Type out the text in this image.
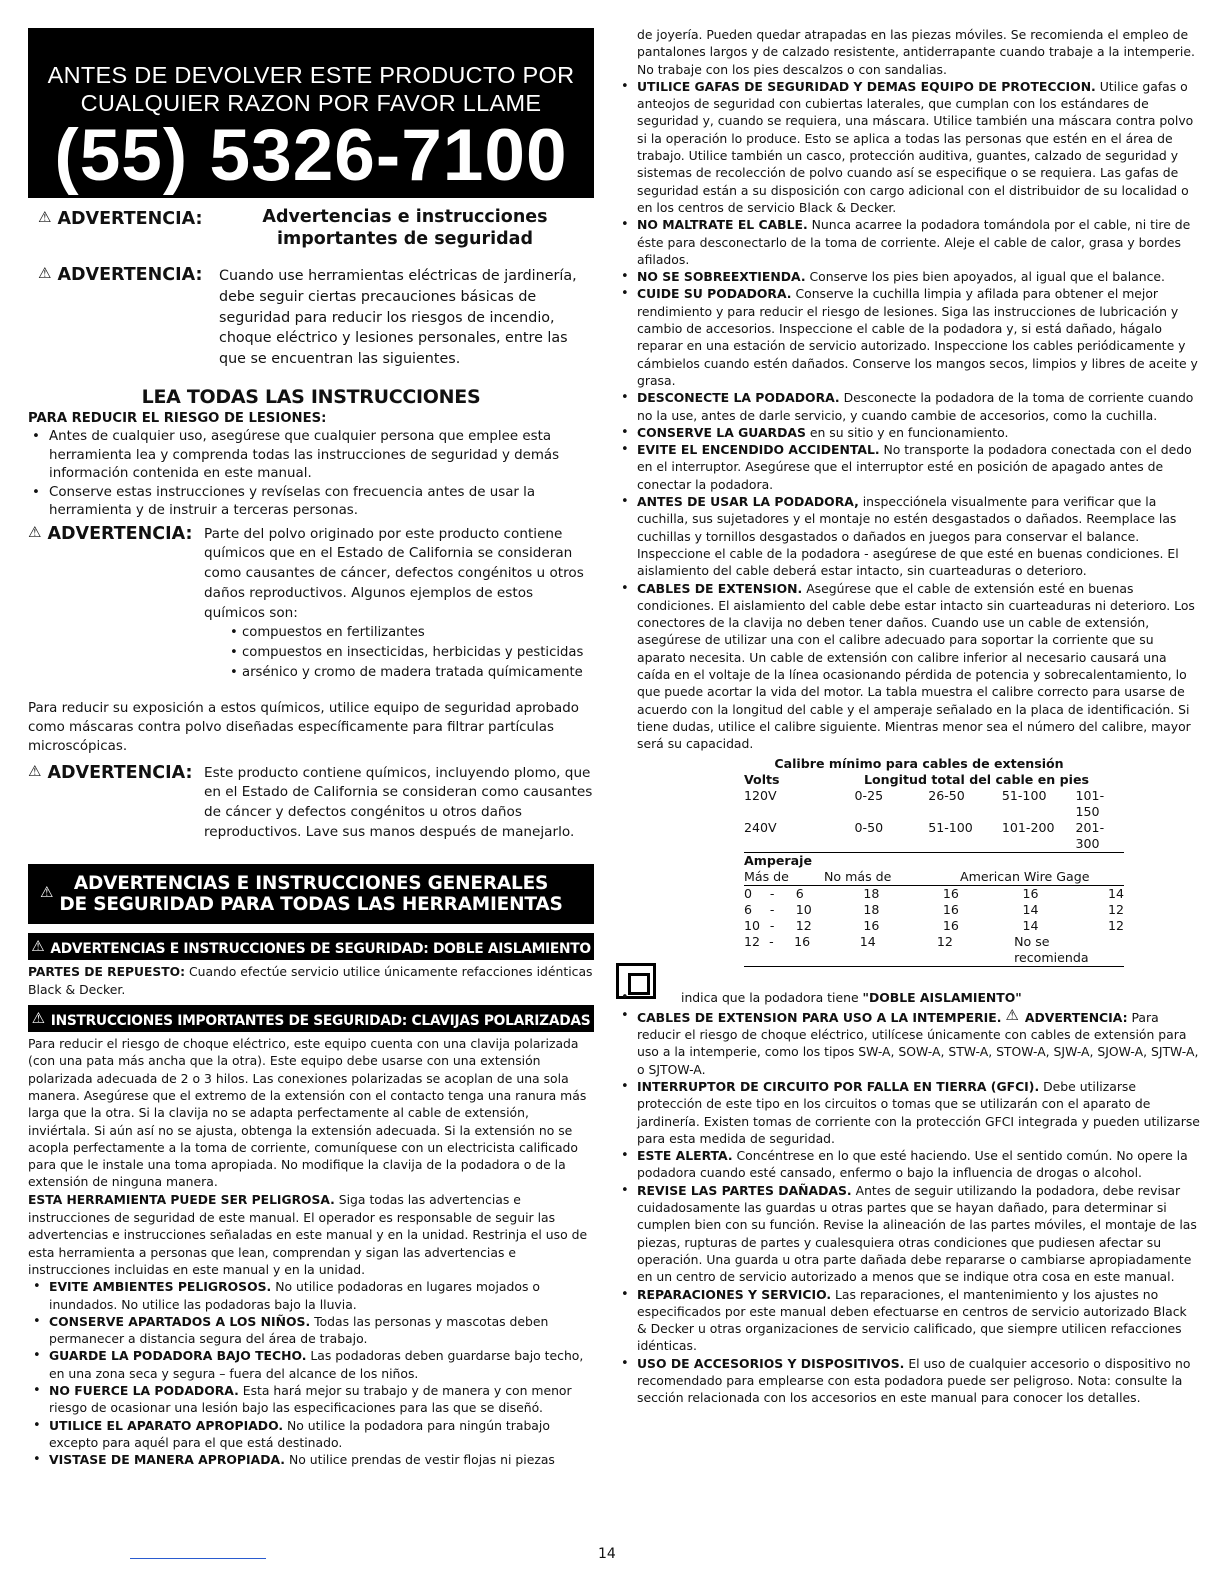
ANTES DE DEVOLVER ESTE PRODUCTO POR
CUALQUIER RAZON POR FAVOR LLAME
(55) 5326-7100
⚠ ADVERTENCIA:	Advertencias e instrucciones
importantes de seguridad
⚠ ADVERTENCIA: Cuando use herramientas eléctricas de jardinería, debe seguir ciertas precauciones básicas de seguridad para reducir los riesgos de incendio, choque eléctrico y lesiones personales, entre las que se encuentran las siguientes.
LEA TODAS LAS INSTRUCCIONES
PARA REDUCIR EL RIESGO DE LESIONES:
• Antes de cualquier uso, asegúrese que cualquier persona que emplee esta herramienta lea y comprenda todas las instrucciones de seguridad y demás información contenida en este manual.
• Conserve estas instrucciones y revíselas con frecuencia antes de usar la herramienta y de instruir a terceras personas.
⚠ ADVERTENCIA: Parte del polvo originado por este producto contiene químicos que en el Estado de California se consideran como causantes de cáncer, defectos congénitos u otros daños reproductivos. Algunos ejemplos de estos químicos son:
• compuestos en fertilizantes
• compuestos en insecticidas, herbicidas y pesticidas
• arsénico y cromo de madera tratada químicamente
Para reducir su exposición a estos químicos, utilice equipo de seguridad aprobado como máscaras contra polvo diseñadas específicamente para filtrar partículas microscópicas.
⚠ ADVERTENCIA: Este producto contiene químicos, incluyendo plomo, que en el Estado de California se consideran como causantes de cáncer y defectos congénitos u otros daños reproductivos. Lave sus manos después de manejarlo.
⚠	ADVERTENCIAS E INSTRUCCIONES GENERALES
DE SEGURIDAD PARA TODAS LAS HERRAMIENTAS
⚠ ADVERTENCIAS E INSTRUCCIONES DE SEGURIDAD: DOBLE AISLAMIENTO
PARTES DE REPUESTO: Cuando efectúe servicio utilice únicamente refacciones idénticas Black & Decker.
⚠ INSTRUCCIONES IMPORTANTES DE SEGURIDAD: CLAVIJAS POLARIZADAS
Para reducir el riesgo de choque eléctrico, este equipo cuenta con una clavija polarizada (con una pata más ancha que la otra). Este equipo debe usarse con una extensión polarizada adecuada de 2 o 3 hilos. Las conexiones polarizadas se acoplan de una sola manera. Asegúrese que el extremo de la extensión con el contacto tenga una ranura más larga que la otra. Si la clavija no se adapta perfectamente al cable de extensión, inviértala. Si aún así no se ajusta, obtenga la extensión adecuada. Si la extensión no se acopla perfectamente a la toma de corriente, comuníquese con un electricista calificado para que le instale una toma apropiada. No modifique la clavija de la podadora o de la extensión de ninguna manera.
ESTA HERRAMIENTA PUEDE SER PELIGROSA. Siga todas las advertencias e instrucciones de seguridad de este manual. El operador es responsable de seguir las advertencias e instrucciones señaladas en este manual y en la unidad. Restrinja el uso de esta herramienta a personas que lean, comprendan y sigan las advertencias e instrucciones incluidas en este manual y en la unidad.
• EVITE AMBIENTES PELIGROSOS. No utilice podadoras en lugares mojados o inundados. No utilice las podadoras bajo la lluvia.
• CONSERVE APARTADOS A LOS NIÑOS. Todas las personas y mascotas deben permanecer a distancia segura del área de trabajo.
• GUARDE LA PODADORA BAJO TECHO. Las podadoras deben guardarse bajo techo, en una zona seca y segura – fuera del alcance de los niños.
• NO FUERCE LA PODADORA. Esta hará mejor su trabajo y de manera y con menor riesgo de ocasionar una lesión bajo las especificaciones para las que se diseñó.
• UTILICE EL APARATO APROPIADO. No utilice la podadora para ningún trabajo excepto para aquél para el que está destinado.
• VISTASE DE MANERA APROPIADA. No utilice prendas de vestir flojas ni piezas
de joyería. Pueden quedar atrapadas en las piezas móviles. Se recomienda el empleo de pantalones largos y de calzado resistente, antiderrapante cuando trabaje a la intemperie. No trabaje con los pies descalzos o con sandalias.
• UTILICE GAFAS DE SEGURIDAD Y DEMAS EQUIPO DE PROTECCION. Utilice gafas o anteojos de seguridad con cubiertas laterales, que cumplan con los estándares de seguridad y, cuando se requiera, una máscara. Utilice también una máscara contra polvo si la operación lo produce. Esto se aplica a todas las personas que estén en el área de trabajo. Utilice también un casco, protección auditiva, guantes, calzado de seguridad y sistemas de recolección de polvo cuando así se especifique o se requiera. Las gafas de seguridad están a su disposición con cargo adicional con el distribuidor de su localidad o en los centros de servicio Black & Decker.
• NO MALTRATE EL CABLE. Nunca acarree la podadora tomándola por el cable, ni tire de éste para desconectarlo de la toma de corriente. Aleje el cable de calor, grasa y bordes afilados.
• NO SE SOBREEXTIENDA. Conserve los pies bien apoyados, al igual que el balance.
• CUIDE SU PODADORA. Conserve la cuchilla limpia y afilada para obtener el mejor rendimiento y para reducir el riesgo de lesiones. Siga las instrucciones de lubricación y cambio de accesorios. Inspeccione el cable de la podadora y, si está dañado, hágalo reparar en una estación de servicio autorizado. Inspeccione los cables periódicamente y cámbielos cuando estén dañados. Conserve los mangos secos, limpios y libres de aceite y grasa.
• DESCONECTE LA PODADORA. Desconecte la podadora de la toma de corriente cuando no la use, antes de darle servicio, y cuando cambie de accesorios, como la cuchilla.
• CONSERVE LA GUARDAS en su sitio y en funcionamiento.
• EVITE EL ENCENDIDO ACCIDENTAL. No transporte la podadora conectada con el dedo en el interruptor. Asegúrese que el interruptor esté en posición de apagado antes de conectar la podadora.
• ANTES DE USAR LA PODADORA, inspecciónela visualmente para verificar que la cuchilla, sus sujetadores y el montaje no estén desgastados o dañados. Reemplace las cuchillas y tornillos desgastados o dañados en juegos para conservar el balance. Inspeccione el cable de la podadora - asegúrese de que esté en buenas condiciones. El aislamiento del cable deberá estar intacto, sin cuarteaduras o deterioro.
• CABLES DE EXTENSION. Asegúrese que el cable de extensión esté en buenas condiciones. El aislamiento del cable debe estar intacto sin cuarteaduras ni deterioro. Los conectores de la clavija no deben tener daños. Cuando use un cable de extensión, asegúrese de utilizar una con el calibre adecuado para soportar la corriente que su aparato necesita. Un cable de extensión con calibre inferior al necesario causará una caída en el voltaje de la línea ocasionando pérdida de potencia y sobrecalentamiento, lo que puede acortar la vida del motor. La tabla muestra el calibre correcto para usarse de acuerdo con la longitud del cable y el amperaje señalado en la placa de identificación. Si tiene dudas, utilice el calibre siguiente. Mientras menor sea el número del calibre, mayor será su capacidad.
Calibre mínimo para cables de extensión
Volts	Longitud total del cable en pies
120V	0-25	26-50	51-100	101-150
240V	0-50	51-100	101-200	201-300
Amperaje
Más de	No más de	American Wire Gage
0	-	6	18	16	16	14
6	-	10	18	16	14	12
10 -	12	16	16	14	12
12 -	16	14	12	No se recomienda
• indica que la podadora tiene "DOBLE AISLAMIENTO"
• CABLES DE EXTENSION PARA USO A LA INTEMPERIE. ⚠ ADVERTENCIA: Para reducir el riesgo de choque eléctrico, utilícese únicamente con cables de extensión para uso a la intemperie, como los tipos SW-A, SOW-A, STW-A, STOW-A, SJW-A, SJOW-A, SJTW-A, o SJTOW-A.
• INTERRUPTOR DE CIRCUITO POR FALLA EN TIERRA (GFCI). Debe utilizarse protección de este tipo en los circuitos o tomas que se utilizarán con el aparato de jardinería. Existen tomas de corriente con la protección GFCI integrada y pueden utilizarse para esta medida de seguridad.
• ESTE ALERTA. Concéntrese en lo que esté haciendo. Use el sentido común. No opere la podadora cuando esté cansado, enfermo o bajo la influencia de drogas o alcohol.
• REVISE LAS PARTES DAÑADAS. Antes de seguir utilizando la podadora, debe revisar cuidadosamente las guardas u otras partes que se hayan dañado, para determinar si cumplen bien con su función. Revise la alineación de las partes móviles, el montaje de las piezas, rupturas de partes y cualesquiera otras condiciones que pudiesen afectar su operación. Una guarda u otra parte dañada debe repararse o cambiarse apropiadamente en un centro de servicio autorizado a menos que se indique otra cosa en este manual.
• REPARACIONES Y SERVICIO. Las reparaciones, el mantenimiento y los ajustes no especificados por este manual deben efectuarse en centros de servicio autorizado Black & Decker u otras organizaciones de servicio calificado, que siempre utilicen refacciones idénticas.
• USO DE ACCESORIOS Y DISPOSITIVOS. El uso de cualquier accesorio o dispositivo no recomendado para emplearse con esta podadora puede ser peligroso. Nota: consulte la sección relacionada con los accesorios en este manual para conocer los detalles.
14
